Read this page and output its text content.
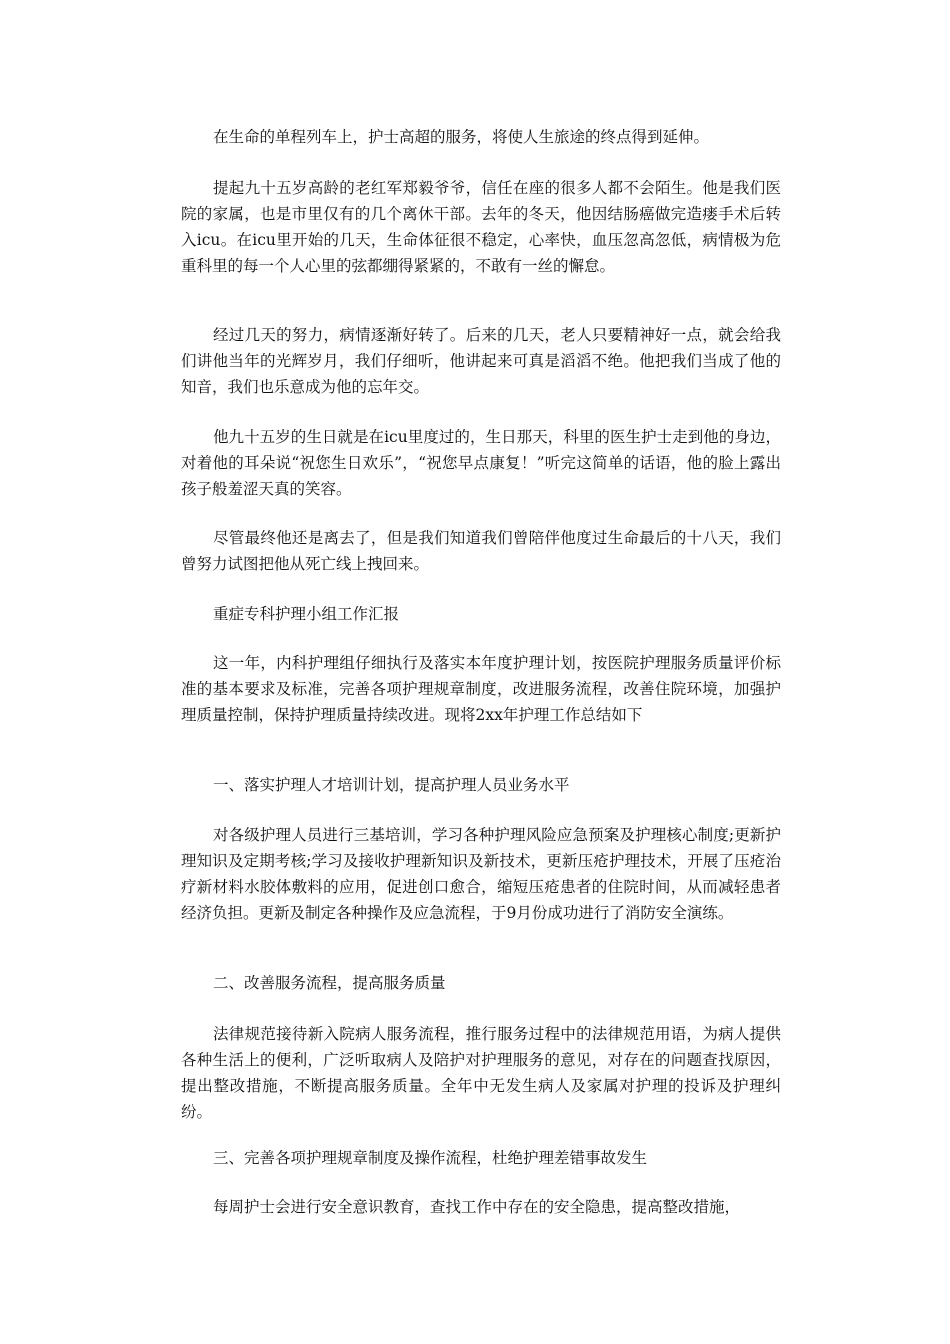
在生命的单程列车上，护士高超的服务，将使人生旅途的终点得到延伸。

提起九十五岁高龄的老红军郑毅爷爷，信任在座的很多人都不会陌生。他是我们医院的家属，也是市里仅有的几个离休干部。去年的冬天，他因结肠癌做完造瘘手术后转入icu。在icu里开始的几天，生命体征很不稳定，心率快，血压忽高忽低，病情极为危重科里的每一个人心里的弦都绷得紧紧的，不敢有一丝的懈怠。

经过几天的努力，病情逐渐好转了。后来的几天，老人只要精神好一点，就会给我们讲他当年的光辉岁月，我们仔细听，他讲起来可真是滔滔不绝。他把我们当成了他的知音，我们也乐意成为他的忘年交。

他九十五岁的生日就是在icu里度过的，生日那天，科里的医生护士走到他的身边，对着他的耳朵说“祝您生日欢乐”，“祝您早点康复！”听完这简单的话语，他的脸上露出孩子般羞涩天真的笑容。

尽管最终他还是离去了，但是我们知道我们曾陪伴他度过生命最后的十八天，我们曾努力试图把他从死亡线上拽回来。

重症专科护理小组工作汇报

这一年，内科护理组仔细执行及落实本年度护理计划，按医院护理服务质量评价标准的基本要求及标准，完善各项护理规章制度，改进服务流程，改善住院环境，加强护理质量控制，保持护理质量持续改进。现将2xx年护理工作总结如下

一、落实护理人才培训计划，提高护理人员业务水平

对各级护理人员进行三基培训，学习各种护理风险应急预案及护理核心制度;更新护理知识及定期考核;学习及接收护理新知识及新技术，更新压疮护理技术，开展了压疮治疗新材料水胶体敷料的应用，促进创口愈合，缩短压疮患者的住院时间，从而减轻患者经济负担。更新及制定各种操作及应急流程，于9月份成功进行了消防安全演练。

二、改善服务流程，提高服务质量

法律规范接待新入院病人服务流程，推行服务过程中的法律规范用语，为病人提供各种生活上的便利，广泛听取病人及陪护对护理服务的意见，对存在的问题查找原因，提出整改措施，不断提高服务质量。全年中无发生病人及家属对护理的投诉及护理纠纷。

三、完善各项护理规章制度及操作流程，杜绝护理差错事故发生

每周护士会进行安全意识教育，查找工作中存在的安全隐患，提高整改措施，
